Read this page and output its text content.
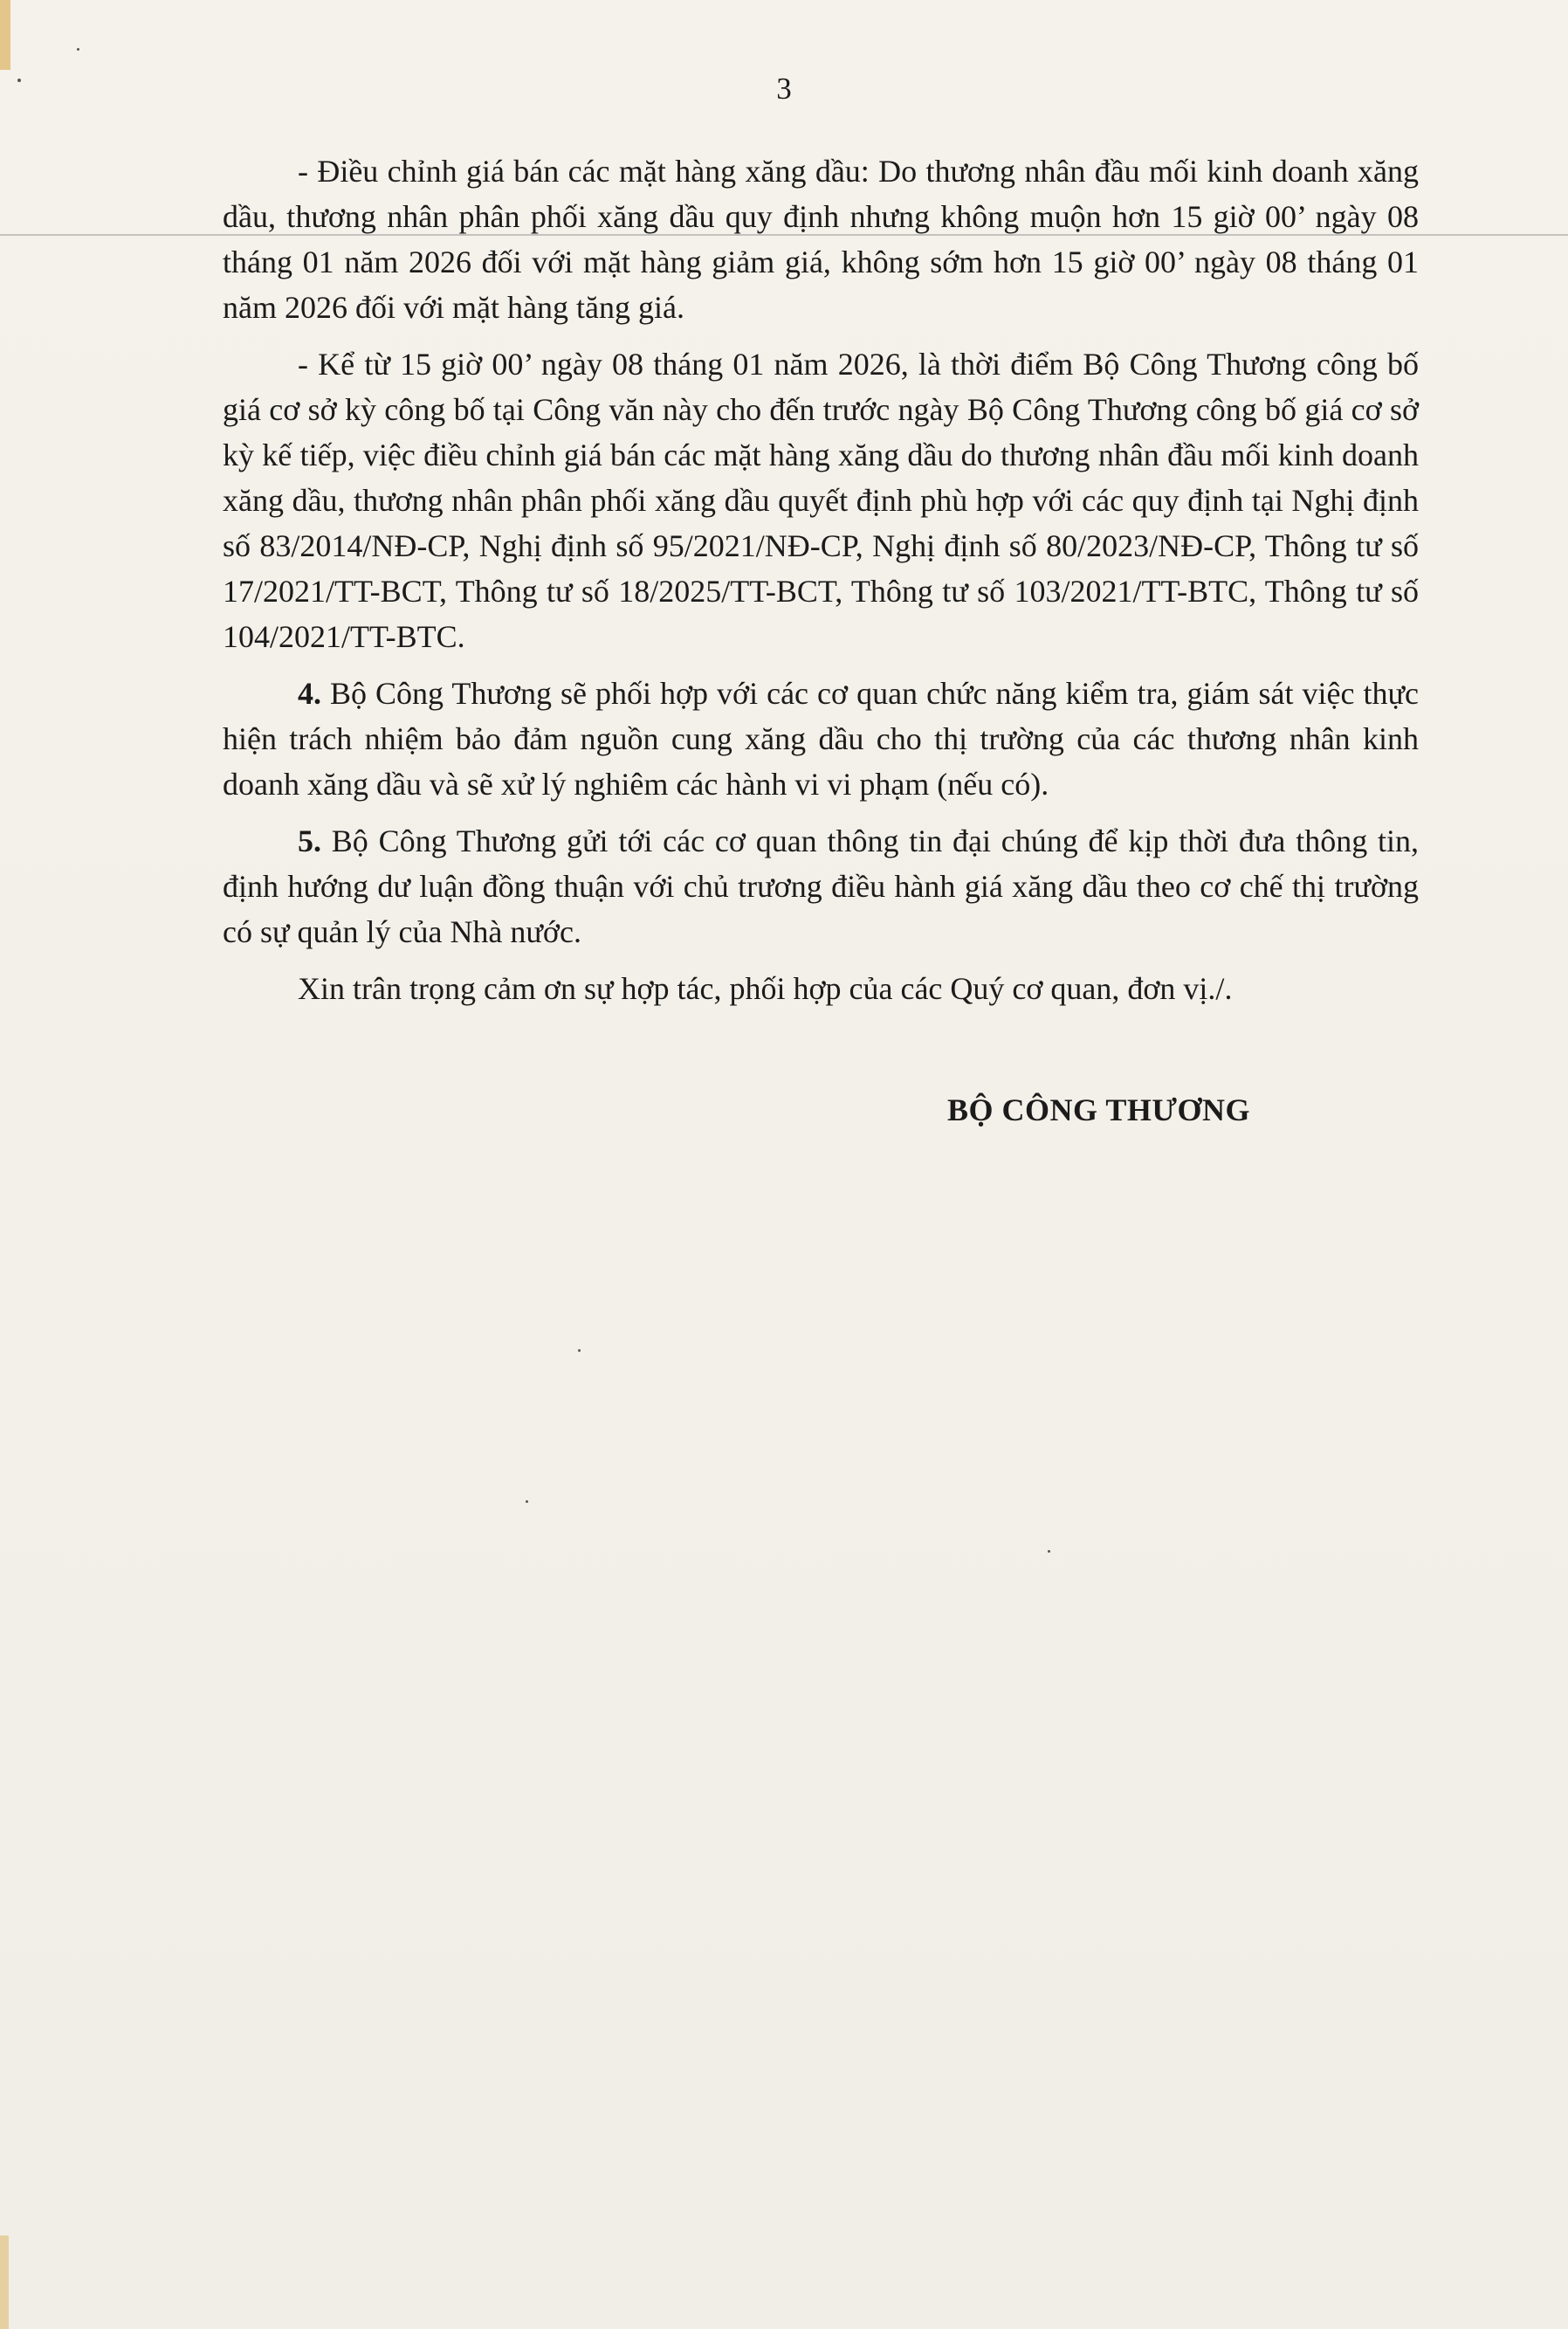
3

- Điều chỉnh giá bán các mặt hàng xăng dầu: Do thương nhân đầu mối kinh doanh xăng dầu, thương nhân phân phối xăng dầu quy định nhưng không muộn hơn 15 giờ 00’ ngày 08 tháng 01 năm 2026 đối với mặt hàng giảm giá, không sớm hơn 15 giờ 00’ ngày 08 tháng 01 năm 2026 đối với mặt hàng tăng giá.

- Kể từ 15 giờ 00’ ngày 08 tháng 01 năm 2026, là thời điểm Bộ Công Thương công bố giá cơ sở kỳ công bố tại Công văn này cho đến trước ngày Bộ Công Thương công bố giá cơ sở kỳ kế tiếp, việc điều chỉnh giá bán các mặt hàng xăng dầu do thương nhân đầu mối kinh doanh xăng dầu, thương nhân phân phối xăng dầu quyết định phù hợp với các quy định tại Nghị định số 83/2014/NĐ-CP, Nghị định số 95/2021/NĐ-CP, Nghị định số 80/2023/NĐ-CP, Thông tư số 17/2021/TT-BCT, Thông tư số 18/2025/TT-BCT, Thông tư số 103/2021/TT-BTC, Thông tư số 104/2021/TT-BTC.

4. Bộ Công Thương sẽ phối hợp với các cơ quan chức năng kiểm tra, giám sát việc thực hiện trách nhiệm bảo đảm nguồn cung xăng dầu cho thị trường của các thương nhân kinh doanh xăng dầu và sẽ xử lý nghiêm các hành vi vi phạm (nếu có).

5. Bộ Công Thương gửi tới các cơ quan thông tin đại chúng để kịp thời đưa thông tin, định hướng dư luận đồng thuận với chủ trương điều hành giá xăng dầu theo cơ chế thị trường có sự quản lý của Nhà nước.

Xin trân trọng cảm ơn sự hợp tác, phối hợp của các Quý cơ quan, đơn vị./.

BỘ CÔNG THƯƠNG
